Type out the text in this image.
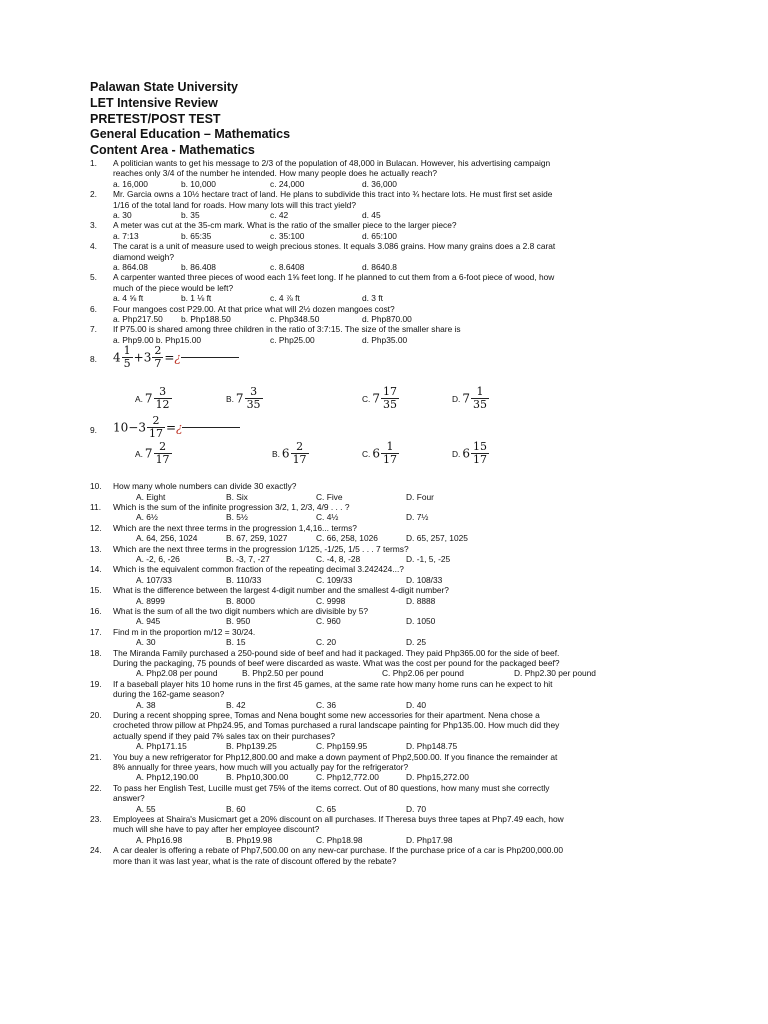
Palawan State University
LET Intensive Review
PRETEST/POST TEST
General Education – Mathematics
Content Area - Mathematics
1.	A politician wants to get his message to 2/3 of the population of 48,000 in Bulacan. However, his advertising campaign
reaches only 3/4 of the number he intended. How many people does he actually reach?
a. 16,000	b. 10,000	c. 24,000	d. 36,000
2.	Mr. Garcia owns a 10½ hectare tract of land. He plans to subdivide this tract into ¾ hectare lots. He must first set aside
1/16 of the total land for roads. How many lots will this tract yield?
a. 30	b. 35	c. 42	d. 45
3.	A meter was cut at the 35-cm mark. What is the ratio of the smaller piece to the larger piece?
a. 7:13	b. 65:35	c. 35:100	d. 65:100
4.	The carat is a unit of measure used to weigh precious stones. It equals 3.086 grains. How many grains does a 2.8 carat
diamond weigh?
a. 864.08	b. 86.408	c. 8.6408	d. 8640.8
5.	A carpenter wanted three pieces of wood each 1⅝ feet long. If he planned to cut them from a 6-foot piece of wood, how
much of the piece would be left?
a. 4 ⅝ ft	b. 1 ⅛ ft	c. 4 ⅞ ft	d. 3 ft
6.	Four mangoes cost P29.00. At that price what will 2½ dozen mangoes cost?
a. Php217.50 b. Php188.50	c. Php348.50	d. Php870.00
7.	If P75.00 is shared among three children in the ratio of 3:7:15. The size of the smaller share is
a. Php9.00 b. Php15.00	c. Php25.00	d. Php35.00
8.	$4 \frac{1}{5} +3 \frac{2}{7}$ =¿
A. $7 \frac{3}{12}$	B. $7 \frac{3}{35}$	C. $7 \frac{17}{35}$	D. $7 \frac{1}{35}$
9.	$10-3 \frac{2}{17}$ =¿
A. $7 \frac{2}{17}$	B. $6 \frac{2}{17}$	C. $6 \frac{1}{17}$	D. $6 \frac{15}{17}$
10.	How many whole numbers can divide 30 exactly?
A. Eight	B. Six	C. Five	D. Four
11.	Which is the sum of the infinite progression 3/2, 1, 2/3, 4/9 . . . ?
A. 6½	B. 5½	C. 4½	D. 7½
12.	Which are the next three terms in the progression 1,4,16... terms?
A. 64, 256, 1024	B. 67, 259, 1027	C. 66, 258, 1026	D. 65, 257, 1025
13.	Which are the next three terms in the progression 1/125, -1/25, 1/5 . . . 7 terms?
A. -2, 6, -26	B. -3, 7, -27	C. -4, 8, -28	D. -1, 5, -25
14.	Which is the equivalent common fraction of the repeating decimal 3.242424...?
A. 107/33	B. 110/33	C. 109/33	D. 108/33
15.	What is the difference between the largest 4-digit number and the smallest 4-digit number?
A. 8999	B. 8000	C. 9998	D. 8888
16.	What is the sum of all the two digit numbers which are divisible by 5?
A. 945	B. 950	C. 960	D. 1050
17.	Find m in the proportion m/12 = 30/24.
A. 30	B. 15	C. 20	D. 25
18.	The Miranda Family purchased a 250-pound side of beef and had it packaged. They paid Php365.00 for the side of beef.
During the packaging, 75 pounds of beef were discarded as waste. What was the cost per pound for the packaged beef?
A. Php2.08 per pound	B. Php2.50 per pound	C. Php2.06 per pound	D. Php2.30 per pound
19.	If a baseball player hits 10 home runs in the first 45 games, at the same rate how many home runs can he expect to hit
during the 162-game season?
A. 38	B. 42	C. 36	D. 40
20.	During a recent shopping spree, Tomas and Nena bought some new accessories for their apartment. Nena chose a
crocheted throw pillow at Php24.95, and Tomas purchased a rural landscape painting for Php135.00. How much did they
actually spend if they paid 7% sales tax on their purchases?
A. Php171.15	B. Php139.25	C. Php159.95	D. Php148.75
21.	You buy a new refrigerator for Php12,800.00 and make a down payment of Php2,500.00. If you finance the remainder at
8% annually for three years, how much will you actually pay for the refrigerator?
A. Php12,190.00	B. Php10,300.00	C. Php12,772.00	D. Php15,272.00
22.	To pass her English Test, Lucille must get 75% of the items correct. Out of 80 questions, how many must she correctly
answer?
A. 55	B. 60	C. 65	D. 70
23.	Employees at Shaira's Musicmart get a 20% discount on all purchases. If Theresa buys three tapes at Php7.49 each, how
much will she have to pay after her employee discount?
A. Php16.98	B. Php19.98	C. Php18.98	D. Php17.98
24.	A car dealer is offering a rebate of Php7,500.00 on any new-car purchase. If the purchase price of a car is Php200,000.00
more than it was last year, what is the rate of discount offered by the rebate?
